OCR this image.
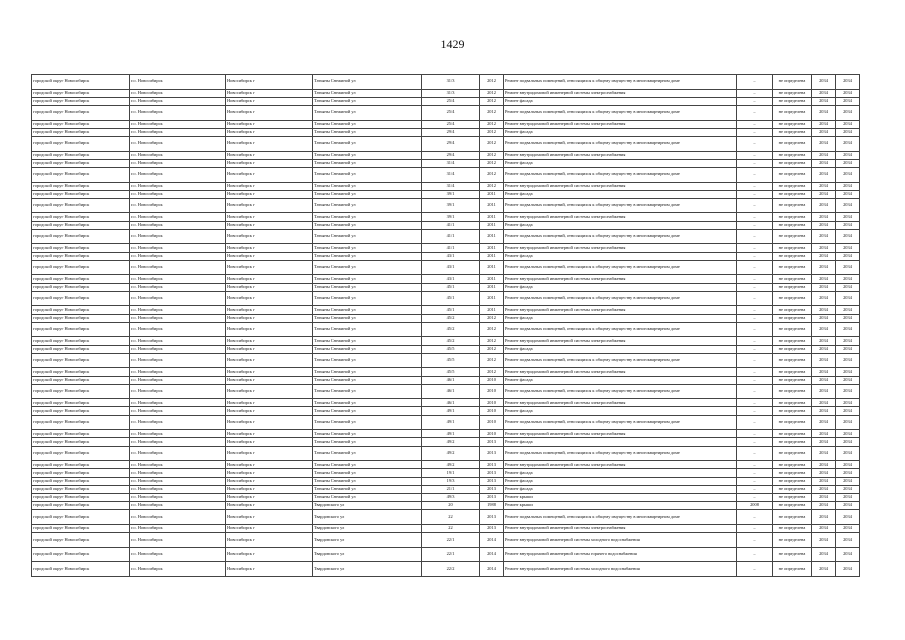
1429
городской округ Новосибирск	г.о. Новосибирск	Новосибирск г	Татьяны Снежиной ул	31/3	2012	Ремонт подвальных помещений, относящихся к общему имуществу в многоквартирном доме	–	не определена	2034	2034
городской округ Новосибирск	г.о. Новосибирск	Новосибирск г	Татьяны Снежиной ул	31/3	2012	Ремонт внутридомовой инженерной системы электроснабжения	–	не определена	2034	2034
городской округ Новосибирск	г.о. Новосибирск	Новосибирск г	Татьяны Снежиной ул	25/4	2012	Ремонт фасада	–	не определена	2034	2034
городской округ Новосибирск	г.о. Новосибирск	Новосибирск г	Татьяны Снежиной ул	25/4	2012	Ремонт подвальных помещений, относящихся к общему имуществу в многоквартирном доме	–	не определена	2034	2034
городской округ Новосибирск	г.о. Новосибирск	Новосибирск г	Татьяны Снежиной ул	25/4	2012	Ремонт внутридомовой инженерной системы электроснабжения	–	не определена	2034	2034
городской округ Новосибирск	г.о. Новосибирск	Новосибирск г	Татьяны Снежиной ул	29/4	2012	Ремонт фасада	–	не определена	2034	2034
городской округ Новосибирск	г.о. Новосибирск	Новосибирск г	Татьяны Снежиной ул	29/4	2012	Ремонт подвальных помещений, относящихся к общему имуществу в многоквартирном доме	–	не определена	2034	2034
городской округ Новосибирск	г.о. Новосибирск	Новосибирск г	Татьяны Снежиной ул	29/4	2012	Ремонт внутридомовой инженерной системы электроснабжения	–	не определена	2034	2034
городской округ Новосибирск	г.о. Новосибирск	Новосибирск г	Татьяны Снежиной ул	31/4	2012	Ремонт фасада	–	не определена	2034	2034
городской округ Новосибирск	г.о. Новосибирск	Новосибирск г	Татьяны Снежиной ул	31/4	2012	Ремонт подвальных помещений, относящихся к общему имуществу в многоквартирном доме	–	не определена	2034	2034
городской округ Новосибирск	г.о. Новосибирск	Новосибирск г	Татьяны Снежиной ул	31/4	2012	Ремонт внутридомовой инженерной системы электроснабжения	–	не определена	2034	2034
городской округ Новосибирск	г.о. Новосибирск	Новосибирск г	Татьяны Снежиной ул	39/1	2011	Ремонт фасада	–	не определена	2034	2034
городской округ Новосибирск	г.о. Новосибирск	Новосибирск г	Татьяны Снежиной ул	39/1	2011	Ремонт подвальных помещений, относящихся к общему имуществу в многоквартирном доме	–	не определена	2034	2034
городской округ Новосибирск	г.о. Новосибирск	Новосибирск г	Татьяны Снежиной ул	39/1	2011	Ремонт внутридомовой инженерной системы электроснабжения	–	не определена	2034	2034
городской округ Новосибирск	г.о. Новосибирск	Новосибирск г	Татьяны Снежиной ул	41/1	2011	Ремонт фасада	–	не определена	2034	2034
городской округ Новосибирск	г.о. Новосибирск	Новосибирск г	Татьяны Снежиной ул	41/1	2011	Ремонт подвальных помещений, относящихся к общему имуществу в многоквартирном доме	–	не определена	2034	2034
городской округ Новосибирск	г.о. Новосибирск	Новосибирск г	Татьяны Снежиной ул	41/1	2011	Ремонт внутридомовой инженерной системы электроснабжения	–	не определена	2034	2034
городской округ Новосибирск	г.о. Новосибирск	Новосибирск г	Татьяны Снежиной ул	43/1	2011	Ремонт фасада	–	не определена	2034	2034
городской округ Новосибирск	г.о. Новосибирск	Новосибирск г	Татьяны Снежиной ул	43/1	2011	Ремонт подвальных помещений, относящихся к общему имуществу в многоквартирном доме	–	не определена	2034	2034
городской округ Новосибирск	г.о. Новосибирск	Новосибирск г	Татьяны Снежиной ул	43/1	2011	Ремонт внутридомовой инженерной системы электроснабжения	–	не определена	2034	2034
городской округ Новосибирск	г.о. Новосибирск	Новосибирск г	Татьяны Снежиной ул	45/1	2011	Ремонт фасада	–	не определена	2034	2034
городской округ Новосибирск	г.о. Новосибирск	Новосибирск г	Татьяны Снежиной ул	45/1	2011	Ремонт подвальных помещений, относящихся к общему имуществу в многоквартирном доме	–	не определена	2034	2034
городской округ Новосибирск	г.о. Новосибирск	Новосибирск г	Татьяны Снежиной ул	45/1	2011	Ремонт внутридомовой инженерной системы электроснабжения	–	не определена	2034	2034
городской округ Новосибирск	г.о. Новосибирск	Новосибирск г	Татьяны Снежиной ул	45/2	2012	Ремонт фасада	–	не определена	2034	2034
городской округ Новосибирск	г.о. Новосибирск	Новосибирск г	Татьяны Снежиной ул	45/2	2012	Ремонт подвальных помещений, относящихся к общему имуществу в многоквартирном доме	–	не определена	2034	2034
городской округ Новосибирск	г.о. Новосибирск	Новосибирск г	Татьяны Снежиной ул	45/2	2012	Ремонт внутридомовой инженерной системы электроснабжения	–	не определена	2034	2034
городской округ Новосибирск	г.о. Новосибирск	Новосибирск г	Татьяны Снежиной ул	45/5	2012	Ремонт фасада	–	не определена	2034	2034
городской округ Новосибирск	г.о. Новосибирск	Новосибирск г	Татьяны Снежиной ул	45/5	2012	Ремонт подвальных помещений, относящихся к общему имуществу в многоквартирном доме	–	не определена	2034	2034
городской округ Новосибирск	г.о. Новосибирск	Новосибирск г	Татьяны Снежиной ул	45/5	2012	Ремонт внутридомовой инженерной системы электроснабжения	–	не определена	2034	2034
городской округ Новосибирск	г.о. Новосибирск	Новосибирск г	Татьяны Снежиной ул	46/1	2010	Ремонт фасада	–	не определена	2034	2034
городской округ Новосибирск	г.о. Новосибирск	Новосибирск г	Татьяны Снежиной ул	46/1	2010	Ремонт подвальных помещений, относящихся к общему имуществу в многоквартирном доме	–	не определена	2034	2034
городской округ Новосибирск	г.о. Новосибирск	Новосибирск г	Татьяны Снежиной ул	46/1	2010	Ремонт внутридомовой инженерной системы электроснабжения	–	не определена	2034	2034
городской округ Новосибирск	г.о. Новосибирск	Новосибирск г	Татьяны Снежиной ул	49/1	2010	Ремонт фасада	–	не определена	2034	2034
городской округ Новосибирск	г.о. Новосибирск	Новосибирск г	Татьяны Снежиной ул	49/1	2010	Ремонт подвальных помещений, относящихся к общему имуществу в многоквартирном доме	–	не определена	2034	2034
городской округ Новосибирск	г.о. Новосибирск	Новосибирск г	Татьяны Снежиной ул	49/1	2010	Ремонт внутридомовой инженерной системы электроснабжения	–	не определена	2034	2034
городской округ Новосибирск	г.о. Новосибирск	Новосибирск г	Татьяны Снежиной ул	49/2	2013	Ремонт фасада	–	не определена	2034	2034
городской округ Новосибирск	г.о. Новосибирск	Новосибирск г	Татьяны Снежиной ул	49/2	2013	Ремонт подвальных помещений, относящихся к общему имуществу в многоквартирном доме	–	не определена	2034	2034
городской округ Новосибирск	г.о. Новосибирск	Новосибирск г	Татьяны Снежиной ул	49/2	2013	Ремонт внутридомовой инженерной системы электроснабжения	–	не определена	2034	2034
городской округ Новосибирск	г.о. Новосибирск	Новосибирск г	Татьяны Снежиной ул	19/1	2013	Ремонт фасада	–	не определена	2034	2034
городской округ Новосибирск	г.о. Новосибирск	Новосибирск г	Татьяны Снежиной ул	19/3	2013	Ремонт фасада	–	не определена	2034	2034
городской округ Новосибирск	г.о. Новосибирск	Новосибирск г	Татьяны Снежиной ул	21/1	2013	Ремонт фасада	–	не определена	2034	2034
городской округ Новосибирск	г.о. Новосибирск	Новосибирск г	Татьяны Снежиной ул	49/3	2013	Ремонт крыши	–	не определена	2034	2034
городской округ Новосибирск	г.о. Новосибирск	Новосибирск г	Твардовского ул	20	1988	Ремонт крыши	2008	не определена	2034	2034
городской округ Новосибирск	г.о. Новосибирск	Новосибирск г	Твардовского ул	22	2013	Ремонт подвальных помещений, относящихся к общему имуществу в многоквартирном доме	–	не определена	2034	2034
городской округ Новосибирск	г.о. Новосибирск	Новосибирск г	Твардовского ул	22	2013	Ремонт внутридомовой инженерной системы электроснабжения	–	не определена	2034	2034
городской округ Новосибирск	г.о. Новосибирск	Новосибирск г	Твардовского ул	22/1	2014	Ремонт внутридомовой инженерной системы холодного водоснабжения	–	не определена	2034	2034
городской округ Новосибирск	г.о. Новосибирск	Новосибирск г	Твардовского ул	22/1	2014	Ремонт внутридомовой инженерной системы горячего водоснабжения	–	не определена	2034	2034
городской округ Новосибирск	г.о. Новосибирск	Новосибирск г	Твардовского ул	22/2	2014	Ремонт внутридомовой инженерной системы холодного водоснабжения	–	не определена	2034	2034
